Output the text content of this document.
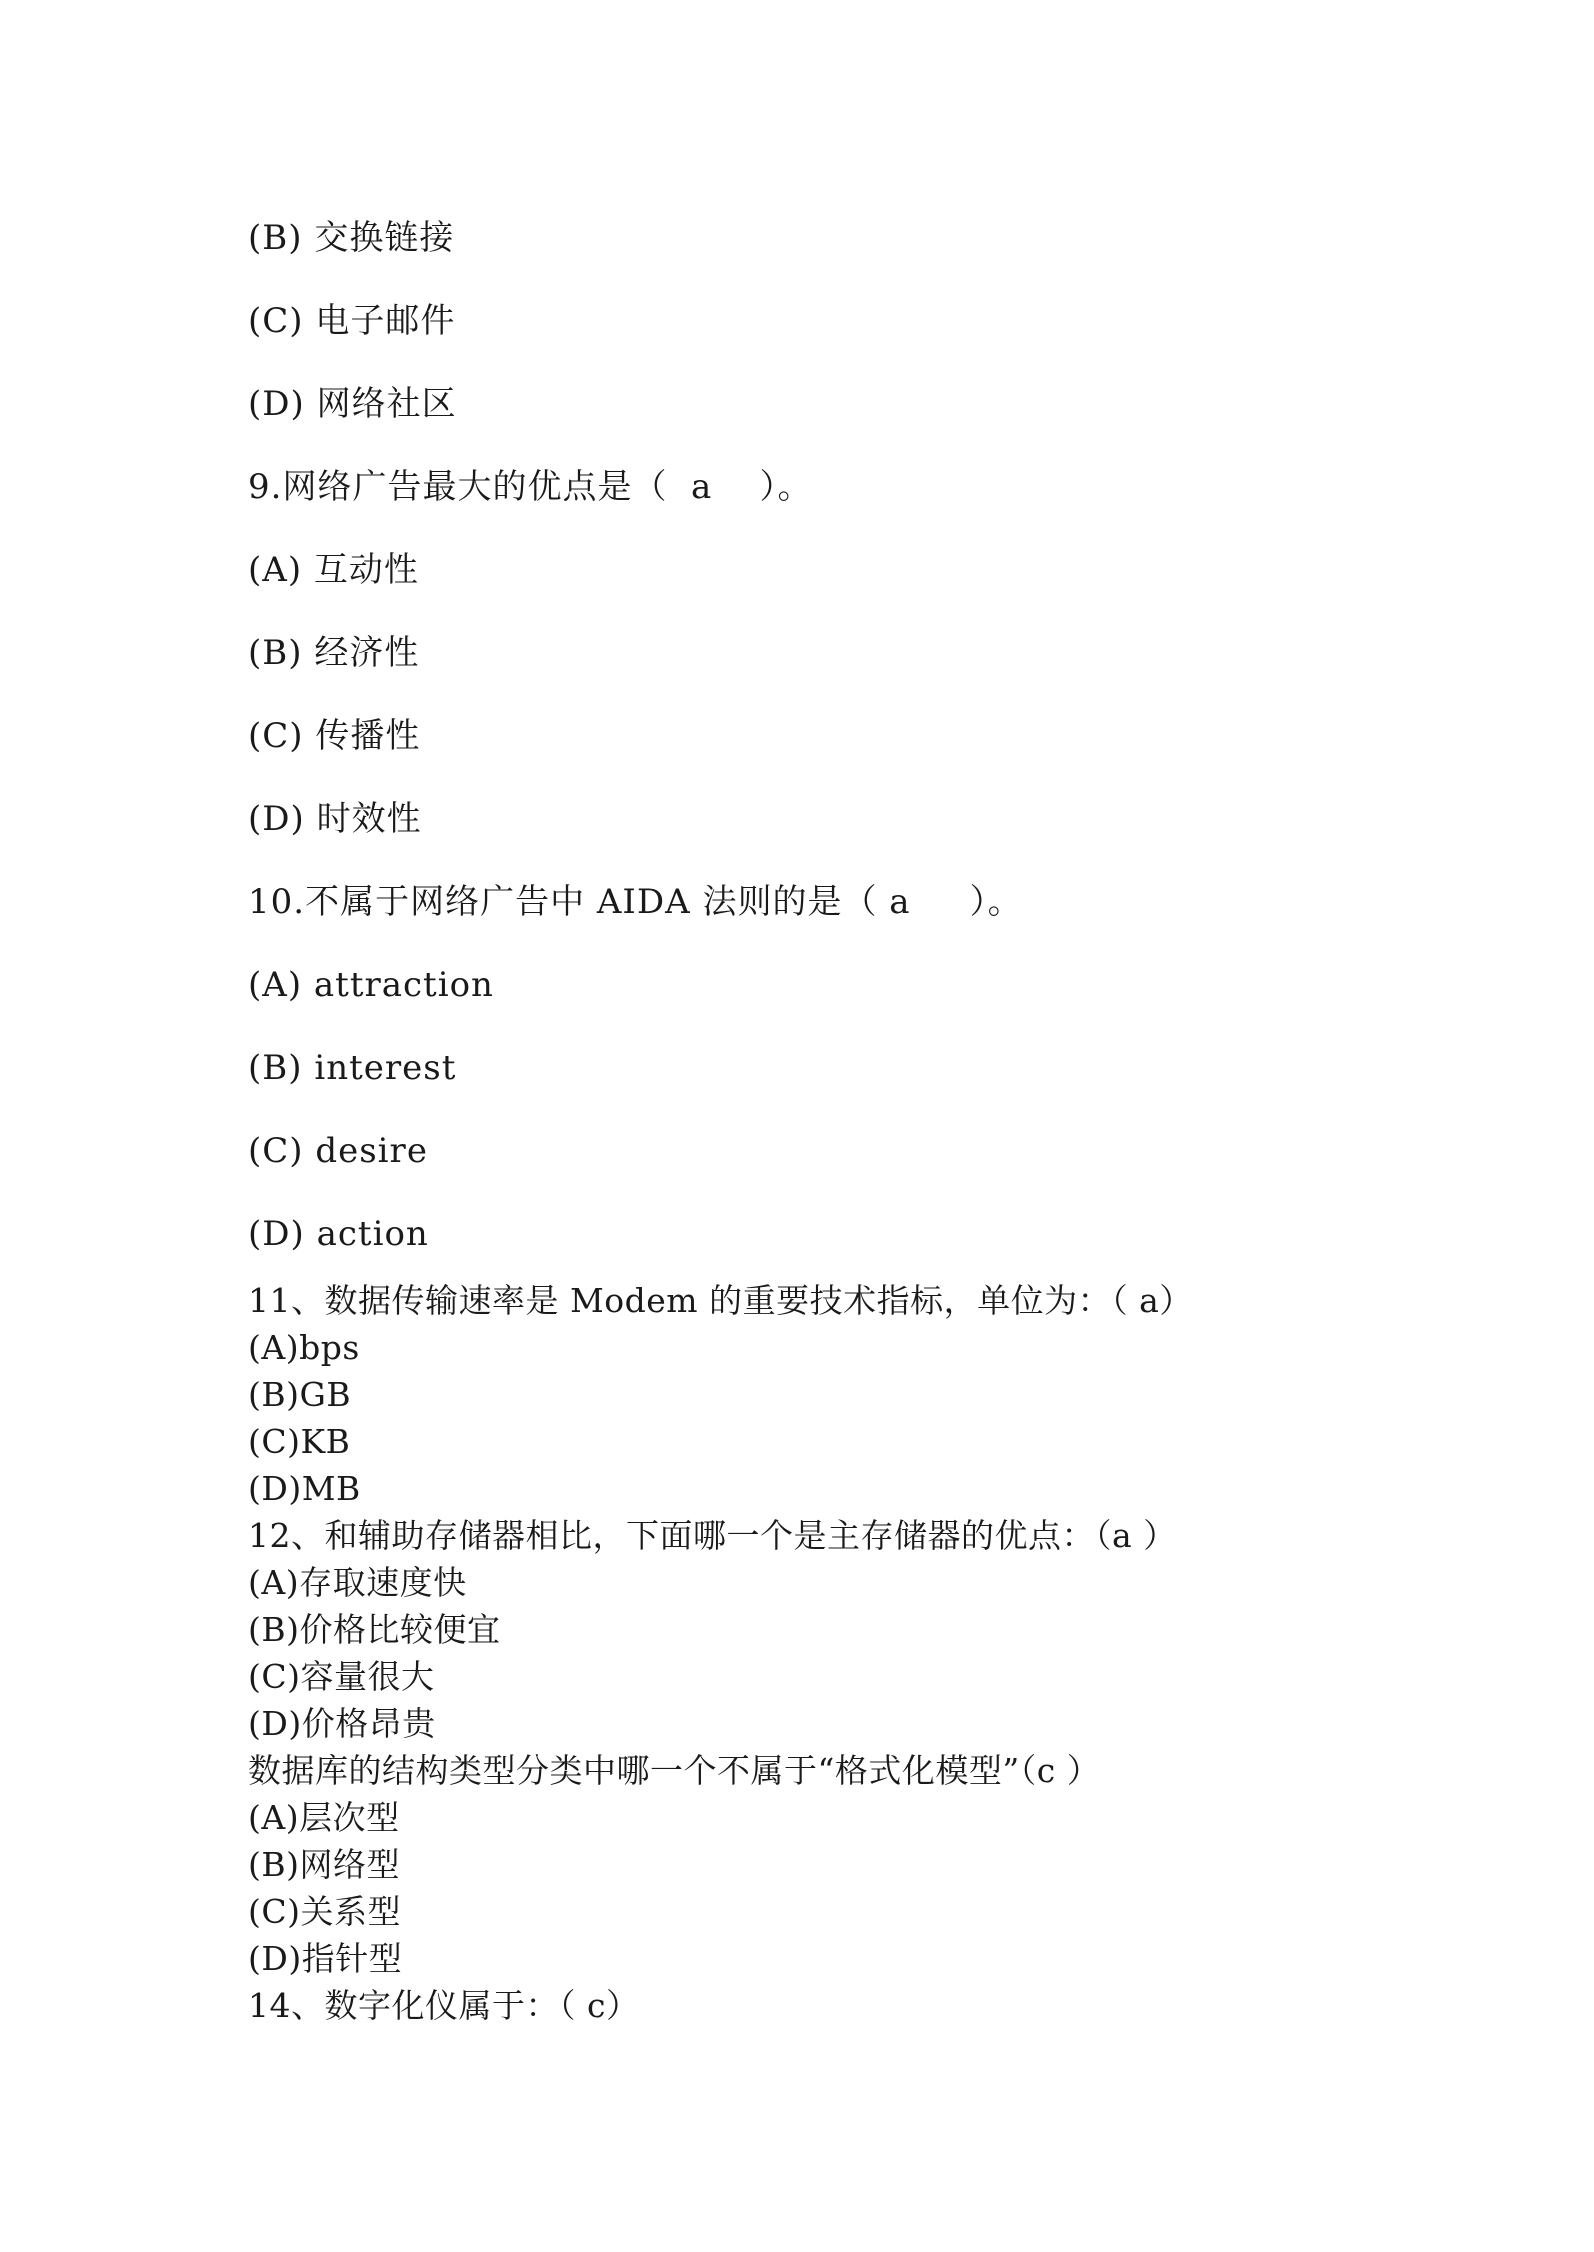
(B) 交换链接
(C) 电子邮件
(D) 网络社区
9.网络广告最大的优点是（  a    ）。
(A) 互动性
(B) 经济性
(C) 传播性
(D) 时效性
10.不属于网络广告中 AIDA 法则的是（ a     ）。
(A) attraction
(B) interest
(C) desire
(D) action
11、数据传输速率是 Modem 的重要技术指标，单位为：（ a）
(A)bps
(B)GB
(C)KB
(D)MB
12、和辅助存储器相比，下面哪一个是主存储器的优点：（a ）
(A)存取速度快
(B)价格比较便宜
(C)容量很大
(D)价格昂贵
数据库的结构类型分类中哪一个不属于“格式化模型”（c ）
(A)层次型
(B)网络型
(C)关系型
(D)指针型
14、数字化仪属于：（ c）
